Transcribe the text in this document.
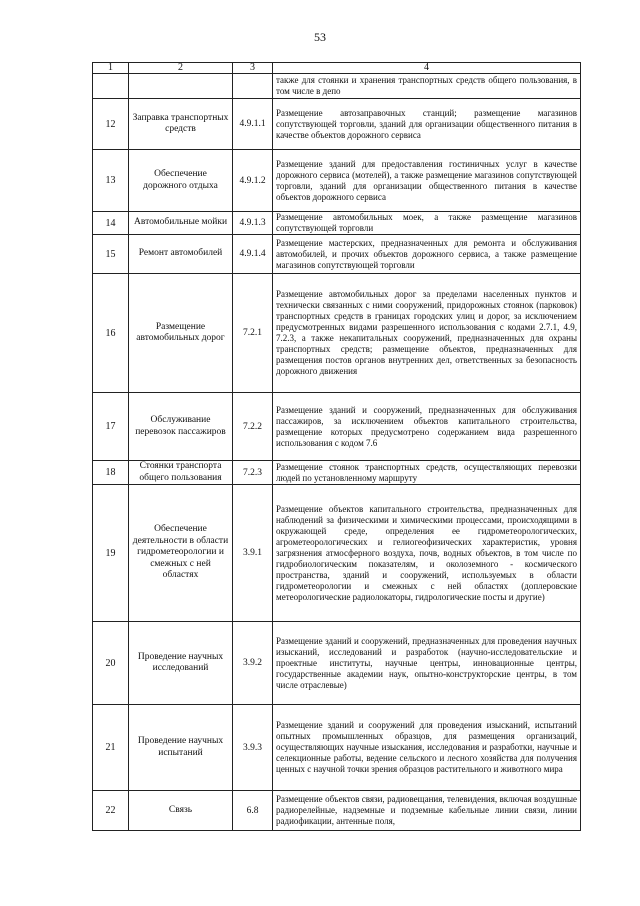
53
1	2	3	4
			также для стоянки и хранения транспортных средств общего пользования, в том числе в депо
12	Заправка транспортных средств	4.9.1.1	Размещение автозаправочных станций; размещение магазинов сопутствующей торговли, зданий для организации общественного питания в качестве объектов дорожного сервиса
13	Обеспечение дорожного отдыха	4.9.1.2	Размещение зданий для предоставления гостиничных услуг в качестве дорожного сервиса (мотелей), а также размещение магазинов сопутствующей торговли, зданий для организации общественного питания в качестве объектов дорожного сервиса
14	Автомобильные мойки	4.9.1.3	Размещение автомобильных моек, а также размещение магазинов сопутствующей торговли
15	Ремонт автомобилей	4.9.1.4	Размещение мастерских, предназначенных для ремонта и обслуживания автомобилей, и прочих объектов дорожного сервиса, а также размещение магазинов сопутствующей торговли
16	Размещение автомобильных дорог	7.2.1	Размещение автомобильных дорог за пределами населенных пунктов и технически связанных с ними сооружений, придорожных стоянок (парковок) транспортных средств в границах городских улиц и дорог, за исключением предусмотренных видами разрешенного использования с кодами 2.7.1, 4.9, 7.2.3, а также некапитальных сооружений, предназначенных для охраны транспортных средств; размещение объектов, предназначенных для размещения постов органов внутренних дел, ответственных за безопасность дорожного движения
17	Обслуживание перевозок пассажиров	7.2.2	Размещение зданий и сооружений, предназначенных для обслуживания пассажиров, за исключением объектов капитального строительства, размещение которых предусмотрено содержанием вида разрешенного использования с кодом 7.6
18	Стоянки транспорта общего пользования	7.2.3	Размещение стоянок транспортных средств, осуществляющих перевозки людей по установленному маршруту
19	Обеспечение деятельности в области гидрометеорологии и смежных с ней областях	3.9.1	Размещение объектов капитального строительства, предназначенных для наблюдений за физическими и химическими процессами, происходящими в окружающей среде, определения ее гидрометеорологических, агрометеорологических и гелиогеофизических характеристик, уровня загрязнения атмосферного воздуха, почв, водных объектов, в том числе по гидробиологическим показателям, и околоземного - космического пространства, зданий и сооружений, используемых в области гидрометеорологии и смежных с ней областях (доплеровские метеорологические радиолокаторы, гидрологические посты и другие)
20	Проведение научных исследований	3.9.2	Размещение зданий и сооружений, предназначенных для проведения научных изысканий, исследований и разработок (научно-исследовательские и проектные институты, научные центры, инновационные центры, государственные академии наук, опытно-конструкторские центры, в том числе отраслевые)
21	Проведение научных испытаний	3.9.3	Размещение зданий и сооружений для проведения изысканий, испытаний опытных промышленных образцов, для размещения организаций, осуществляющих научные изыскания, исследования и разработки, научные и селекционные работы, ведение сельского и лесного хозяйства для получения ценных с научной точки зрения образцов растительного и животного мира
22	Связь	6.8	Размещение объектов связи, радиовещания, телевидения, включая воздушные радиорелейные, надземные и подземные кабельные линии связи, линии радиофикации, антенные поля,
